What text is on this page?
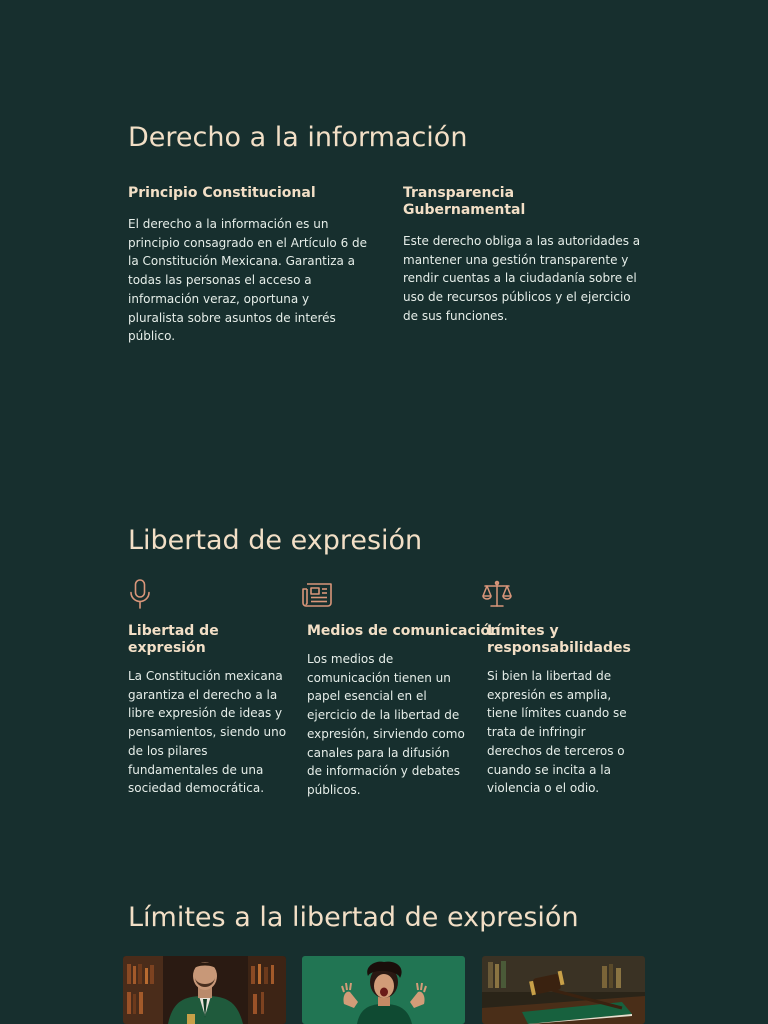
Derecho a la información
Principio Constitucional

El derecho a la información es un principio consagrado en el Artículo 6 de la Constitución Mexicana. Garantiza a todas las personas el acceso a información veraz, oportuna y pluralista sobre asuntos de interés público.

Transparencia Gubernamental

Este derecho obliga a las autoridades a mantener una gestión transparente y rendir cuentas a la ciudadanía sobre el uso de recursos públicos y el ejercicio de sus funciones.

Libertad de expresión
Libertad de expresión

La Constitución mexicana garantiza el derecho a la libre expresión de ideas y pensamientos, siendo uno de los pilares fundamentales de una sociedad democrática.

Medios de comunicación

Los medios de comunicación tienen un papel esencial en el ejercicio de la libertad de expresión, sirviendo como canales para la difusión de información y debates públicos.

Límites y responsabilidades

Si bien la libertad de expresión es amplia, tiene límites cuando se trata de infringir derechos de terceros o cuando se incita a la violencia o el odio.

Límites a la libertad de expresión
